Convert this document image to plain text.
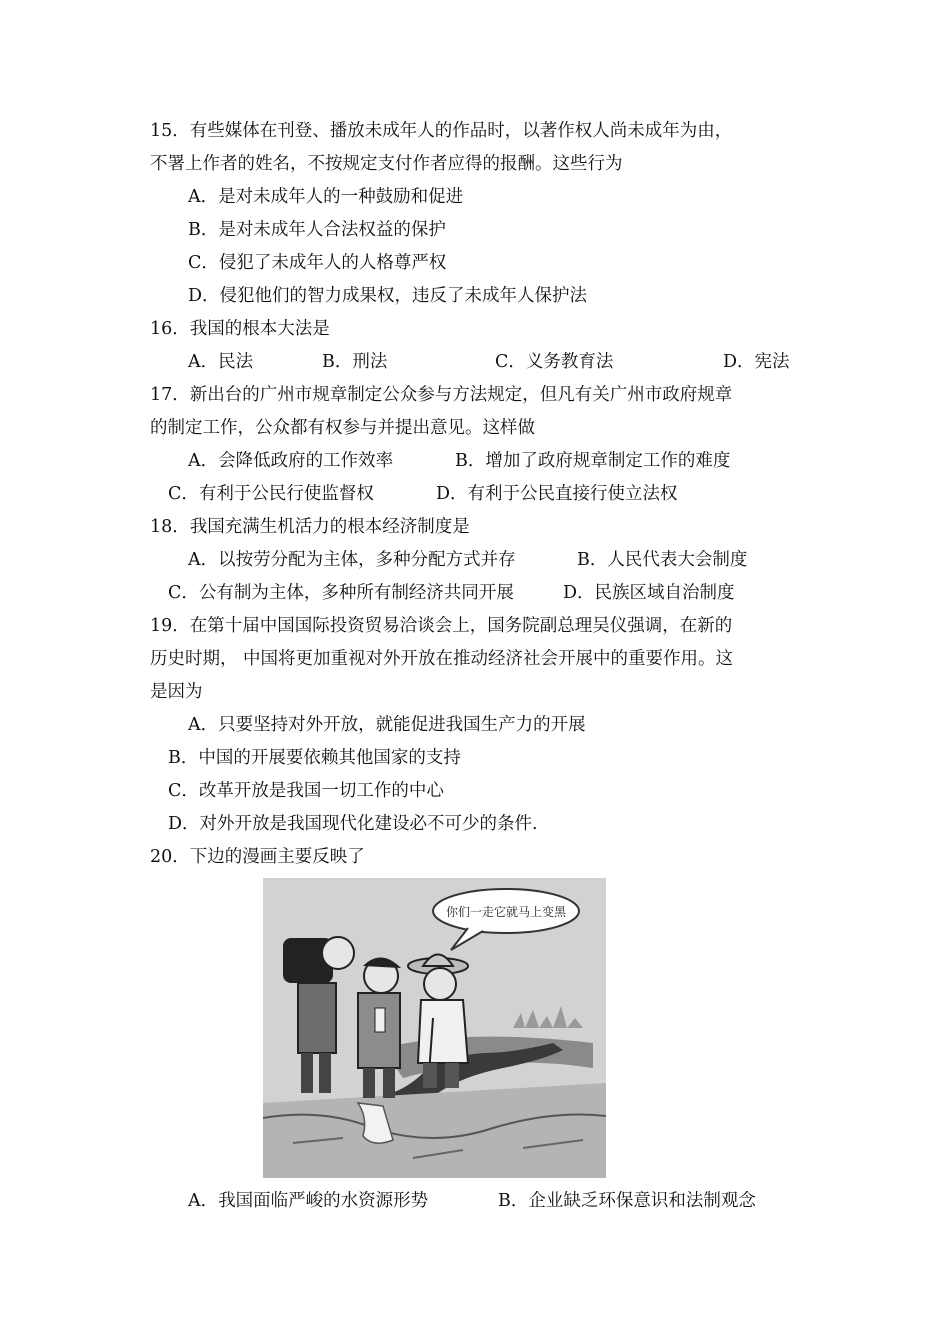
15．有些媒体在刊登、播放未成年人的作品时，以著作权人尚未成年为由，
不署上作者的姓名，不按规定支付作者应得的报酬。这些行为
A．是对未成年人的一种鼓励和促进
B．是对未成年人合法权益的保护
C．侵犯了未成年人的人格尊严权
D．侵犯他们的智力成果权，违反了未成年人保护法
16．我国的根本大法是
A．民法	B．刑法	C．义务教育法	D．宪法
17．新出台的广州市规章制定公众参与方法规定，但凡有关广州市政府规章
的制定工作，公众都有权参与并提出意见。这样做
A．会降低政府的工作效率	B．增加了政府规章制定工作的难度
C．有利于公民行使监督权	D．有利于公民直接行使立法权
18．我国充满生机活力的根本经济制度是
A．以按劳分配为主体，多种分配方式并存	B．人民代表大会制度
C．公有制为主体，多种所有制经济共同开展	D．民族区域自治制度
19．在第十届中国国际投资贸易洽谈会上，国务院副总理吴仪强调，在新的
历史时期， 中国将更加重视对外开放在推动经济社会开展中的重要作用。这
是因为
A．只要坚持对外开放，就能促进我国生产力的开展
B．中国的开展要依赖其他国家的支持
C．改革开放是我国一切工作的中心
D．对外开放是我国现代化建设必不可少的条件.
20．下边的漫画主要反映了
你们一走它就马上变黑
A．我国面临严峻的水资源形势	B．企业缺乏环保意识和法制观念
